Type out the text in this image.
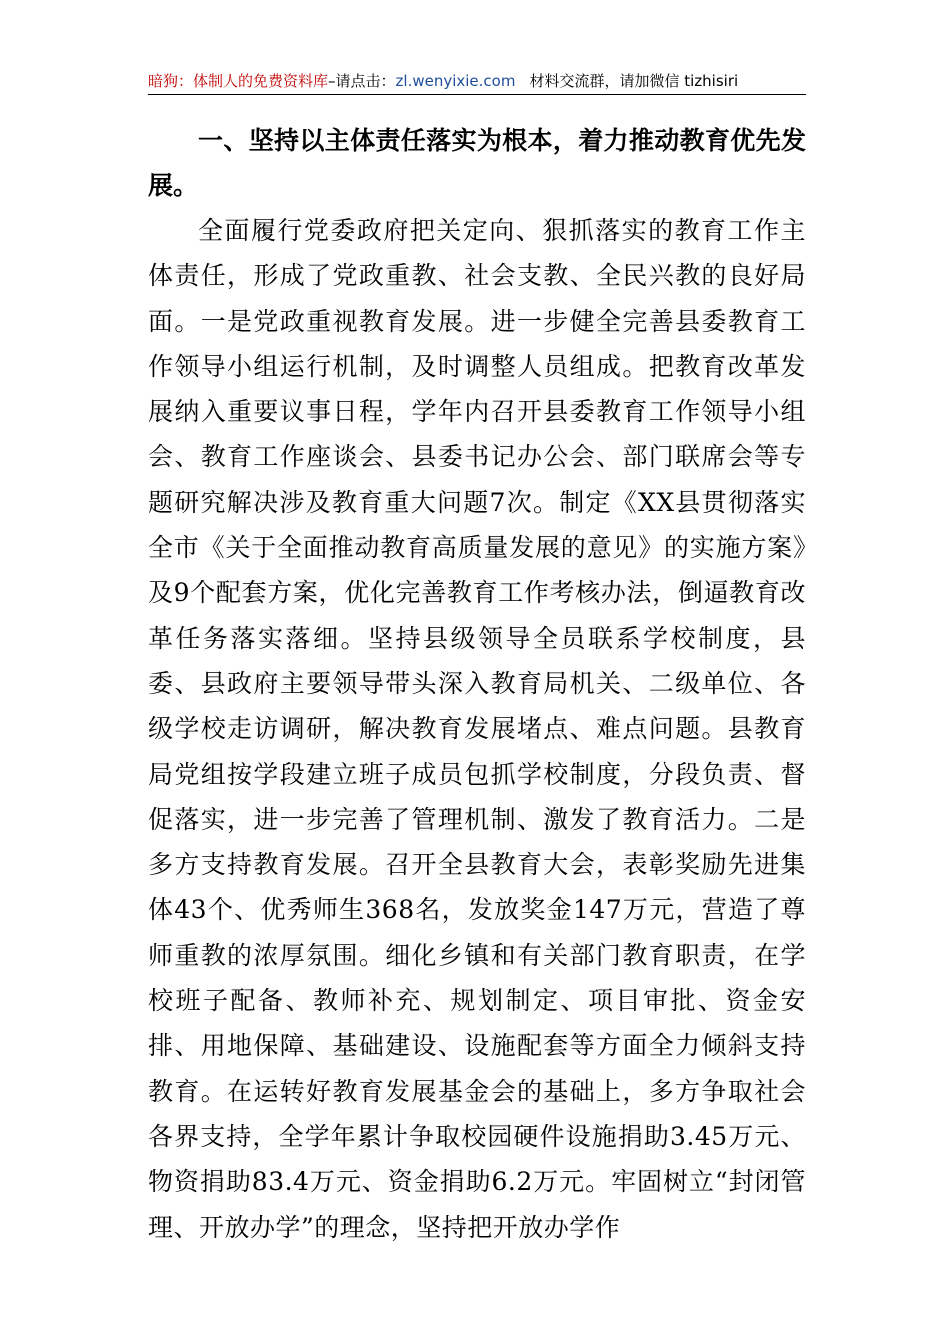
暗狗：体制人的免费资料库–请点击：zl.wenyixie.com 材料交流群，请加微信 tizhisiri

一、坚持以主体责任落实为根本，着力推动教育优先发展。

全面履行党委政府把关定向、狠抓落实的教育工作主体责任，形成了党政重教、社会支教、全民兴教的良好局面。一是党政重视教育发展。进一步健全完善县委教育工作领导小组运行机制，及时调整人员组成。把教育改革发展纳入重要议事日程，学年内召开县委教育工作领导小组会、教育工作座谈会、县委书记办公会、部门联席会等专题研究解决涉及教育重大问题7次。制定《XX县贯彻落实全市《关于全面推动教育高质量发展的意见》的实施方案》及9个配套方案，优化完善教育工作考核办法，倒逼教育改革任务落实落细。坚持县级领导全员联系学校制度，县委、县政府主要领导带头深入教育局机关、二级单位、各级学校走访调研，解决教育发展堵点、难点问题。县教育局党组按学段建立班子成员包抓学校制度，分段负责、督促落实，进一步完善了管理机制、激发了教育活力。二是多方支持教育发展。召开全县教育大会，表彰奖励先进集体43个、优秀师生368名，发放奖金147万元，营造了尊师重教的浓厚氛围。细化乡镇和有关部门教育职责，在学校班子配备、教师补充、规划制定、项目审批、资金安排、用地保障、基础建设、设施配套等方面全力倾斜支持教育。在运转好教育发展基金会的基础上，多方争取社会各界支持，全学年累计争取校园硬件设施捐助3.45万元、物资捐助83.4万元、资金捐助6.2万元。牢固树立“封闭管理、开放办学”的理念，坚持把开放办学作
